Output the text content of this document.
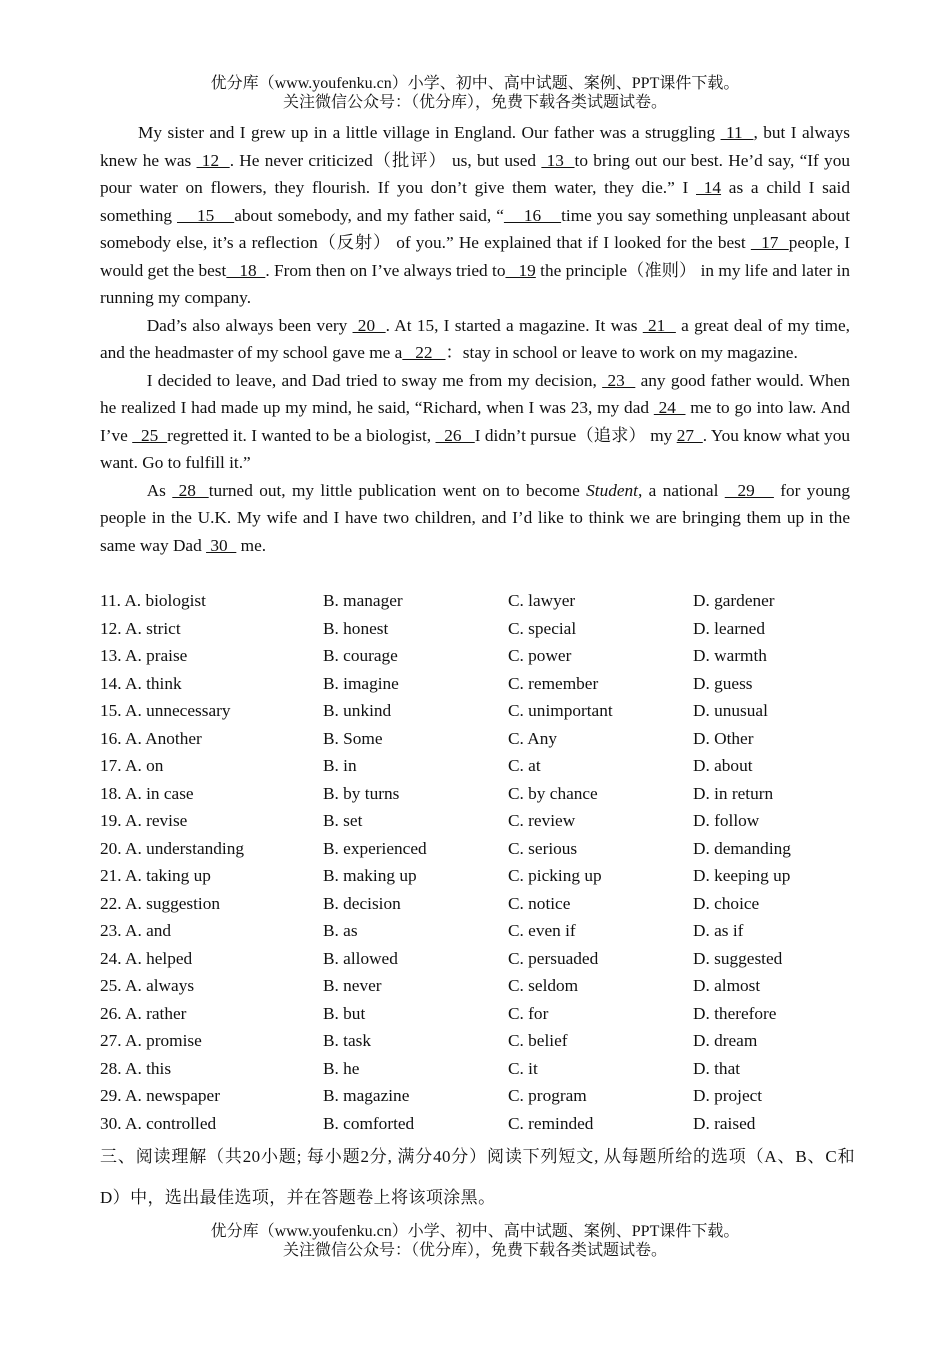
优分库（www.youfenku.cn）小学、初中、高中试题、案例、PPT课件下载。
关注微信公众号：（优分库），免费下载各类试题试卷。

My sister and I grew up in a little village in England. Our father was a struggling  11  , but I always knew he was  12  . He never criticized（批评） us, but used  13  to bring out our best. He’d say, “If you pour water on flowers, they flourish. If you don’t give them water, they die.” I  14 as a child I said something     15    about somebody, and my father said, “    16    time you say something unpleasant about somebody else, it’s a reflection（反射） of you.” He explained that if I looked for the best   17  people, I would get the best   18  . From then on I’ve always tried to   19 the principle（准则） in my life and later in running my company.

Dad’s also always been very  20  . At 15, I started a magazine. It was  21   a great deal of my time, and the headmaster of my school gave me a   22   ：stay in school or leave to work on my magazine.

I decided to leave, and Dad tried to sway me from my decision,  23   any good father would. When he realized I had made up my mind, he said, “Richard, when I was 23, my dad  24   me to go into law. And I’ve   25  regretted it. I wanted to be a biologist,   26   I didn’t pursue（追求） my 27  . You know what you want. Go to fulfill it.”

As  28  turned out, my little publication went on to become Student, a national   29    for young people in the U.K. My wife and I have two children, and I’d like to think we are bringing them up in the same way Dad  30   me.

11. A. biologist	B. manager	C. lawyer	D. gardener
12. A. strict	B. honest	C. special	D. learned
13. A. praise	B. courage	C. power	D. warmth
14. A. think	B. imagine	C. remember	D. guess
15. A. unnecessary	B. unkind	C. unimportant	D. unusual
16. A. Another	B. Some	C. Any	D. Other
17. A. on	B. in	C. at	D. about
18. A. in case	B. by turns	C. by chance	D. in return
19. A. revise	B. set	C. review	D. follow
20. A. understanding	B. experienced	C. serious	D. demanding
21. A. taking up	B. making up	C. picking up	D. keeping up
22. A. suggestion	B. decision	C. notice	D. choice
23. A. and	B. as	C. even if	D. as if
24. A. helped	B. allowed	C. persuaded	D. suggested
25. A. always	B. never	C. seldom	D. almost
26. A. rather	B. but	C. for	D. therefore
27. A. promise	B. task	C. belief	D. dream
28. A. this	B. he	C. it	D. that
29. A. newspaper	B. magazine	C. program	D. project
30. A. controlled	B. comforted	C. reminded	D. raised
三、阅读理解（共20小题; 每小题2分, 满分40分）阅读下列短文, 从每题所给的选项（A、B、C和D）中，选出最佳选项，并在答题卷上将该项涂黑。
优分库（www.youfenku.cn）小学、初中、高中试题、案例、PPT课件下载。
关注微信公众号：（优分库），免费下载各类试题试卷。
